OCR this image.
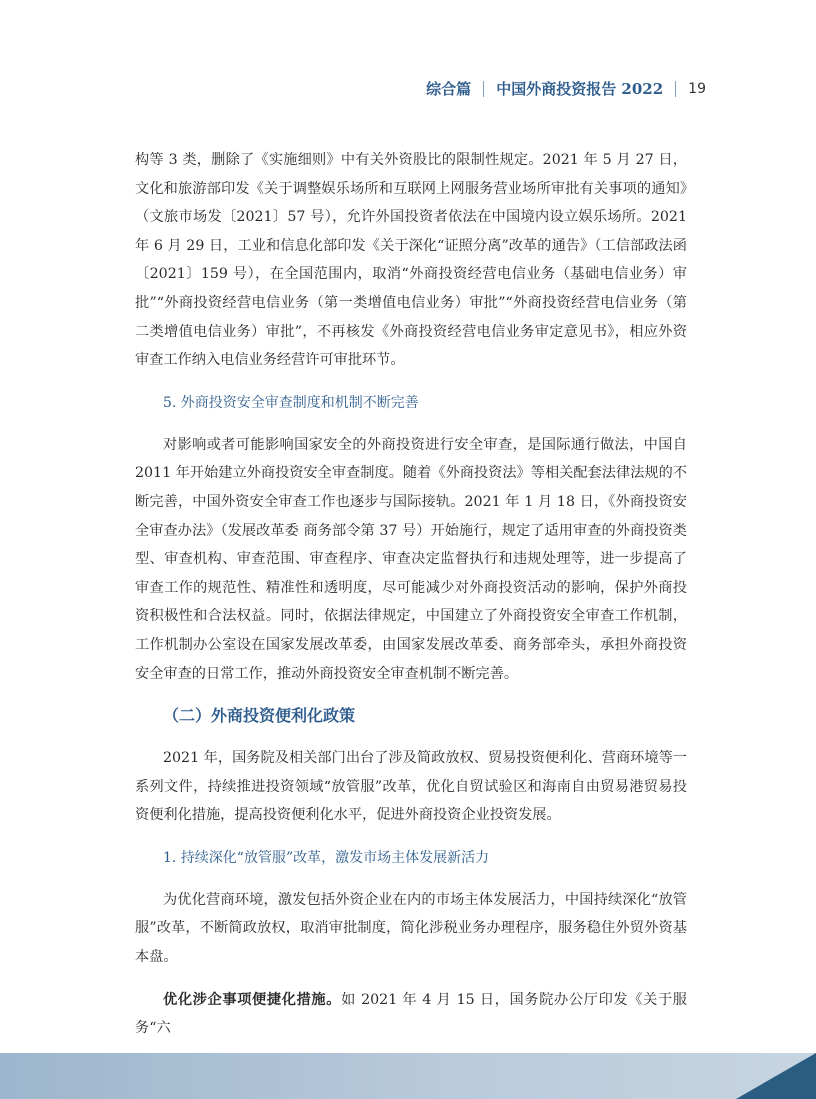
综合篇 中国外商投资报告 2022 19

构等 3 类，删除了《实施细则》中有关外资股比的限制性规定。2021 年 5 月 27 日，文化和旅游部印发《关于调整娱乐场所和互联网上网服务营业场所审批有关事项的通知》（文旅市场发〔2021〕57 号），允许外国投资者依法在中国境内设立娱乐场所。2021 年 6 月 29 日，工业和信息化部印发《关于深化“证照分离”改革的通告》（工信部政法函〔2021〕159 号），在全国范围内，取消“外商投资经营电信业务（基础电信业务）审批”“外商投资经营电信业务（第一类增值电信业务）审批”“外商投资经营电信业务（第二类增值电信业务）审批”，不再核发《外商投资经营电信业务审定意见书》，相应外资审查工作纳入电信业务经营许可审批环节。

5. 外商投资安全审查制度和机制不断完善

对影响或者可能影响国家安全的外商投资进行安全审查，是国际通行做法，中国自 2011 年开始建立外商投资安全审查制度。随着《外商投资法》等相关配套法律法规的不断完善，中国外资安全审查工作也逐步与国际接轨。2021 年 1 月 18 日，《外商投资安全审查办法》（发展改革委 商务部令第 37 号）开始施行，规定了适用审查的外商投资类型、审查机构、审查范围、审查程序、审查决定监督执行和违规处理等，进一步提高了审查工作的规范性、精准性和透明度，尽可能减少对外商投资活动的影响，保护外商投资积极性和合法权益。同时，依据法律规定，中国建立了外商投资安全审查工作机制，工作机制办公室设在国家发展改革委，由国家发展改革委、商务部牵头，承担外商投资安全审查的日常工作，推动外商投资安全审查机制不断完善。

（二）外商投资便利化政策

2021 年，国务院及相关部门出台了涉及简政放权、贸易投资便利化、营商环境等一系列文件，持续推进投资领域“放管服”改革，优化自贸试验区和海南自由贸易港贸易投资便利化措施，提高投资便利化水平，促进外商投资企业投资发展。

1. 持续深化“放管服”改革，激发市场主体发展新活力

为优化营商环境，激发包括外资企业在内的市场主体发展活力，中国持续深化“放管服”改革，不断简政放权，取消审批制度，简化涉税业务办理程序，服务稳住外贸外资基本盘。

优化涉企事项便捷化措施。如 2021 年 4 月 15 日，国务院办公厅印发《关于服务“六
